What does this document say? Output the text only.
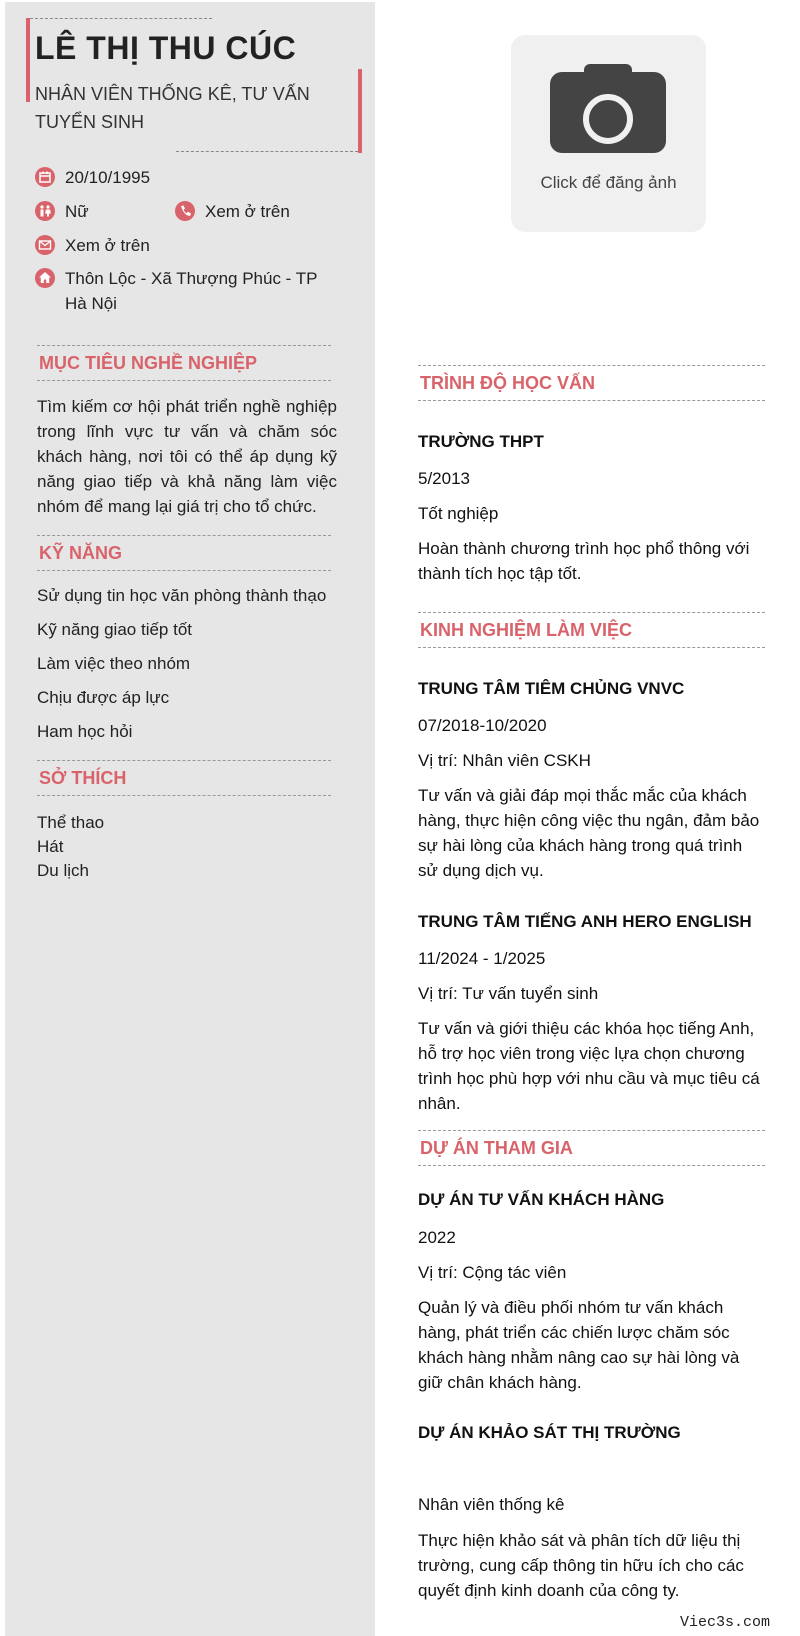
LÊ THỊ THU CÚC
NHÂN VIÊN THỐNG KÊ, TƯ VẤN TUYỂN SINH
20/10/1995
Nữ	Xem ở trên
Xem ở trên
Thôn Lộc - Xã Thượng Phúc - TP Hà Nội
MỤC TIÊU NGHỀ NGHIỆP
Tìm kiếm cơ hội phát triển nghề nghiệp trong lĩnh vực tư vấn và chăm sóc khách hàng, nơi tôi có thể áp dụng kỹ năng giao tiếp và khả năng làm việc nhóm để mang lại giá trị cho tổ chức.
KỸ NĂNG
Sử dụng tin học văn phòng thành thạo
Kỹ năng giao tiếp tốt
Làm việc theo nhóm
Chịu được áp lực
Ham học hỏi
SỞ THÍCH
Thể thao
Hát
Du lịch
Click để đăng ảnh
TRÌNH ĐỘ HỌC VẤN
TRƯỜNG THPT
5/2013
Tốt nghiệp
Hoàn thành chương trình học phổ thông với thành tích học tập tốt.
KINH NGHIỆM LÀM VIỆC
TRUNG TÂM TIÊM CHỦNG VNVC
07/2018-10/2020
Vị trí: Nhân viên CSKH
Tư vấn và giải đáp mọi thắc mắc của khách hàng, thực hiện công việc thu ngân, đảm bảo sự hài lòng của khách hàng trong quá trình sử dụng dịch vụ.
TRUNG TÂM TIẾNG ANH HERO ENGLISH
11/2024 - 1/2025
Vị trí: Tư vấn tuyển sinh
Tư vấn và giới thiệu các khóa học tiếng Anh, hỗ trợ học viên trong việc lựa chọn chương trình học phù hợp với nhu cầu và mục tiêu cá nhân.
DỰ ÁN THAM GIA
DỰ ÁN TƯ VẤN KHÁCH HÀNG
2022
Vị trí: Cộng tác viên
Quản lý và điều phối nhóm tư vấn khách hàng, phát triển các chiến lược chăm sóc khách hàng nhằm nâng cao sự hài lòng và giữ chân khách hàng.
DỰ ÁN KHẢO SÁT THỊ TRƯỜNG
Nhân viên thống kê
Thực hiện khảo sát và phân tích dữ liệu thị trường, cung cấp thông tin hữu ích cho các quyết định kinh doanh của công ty.
Viec3s.com
